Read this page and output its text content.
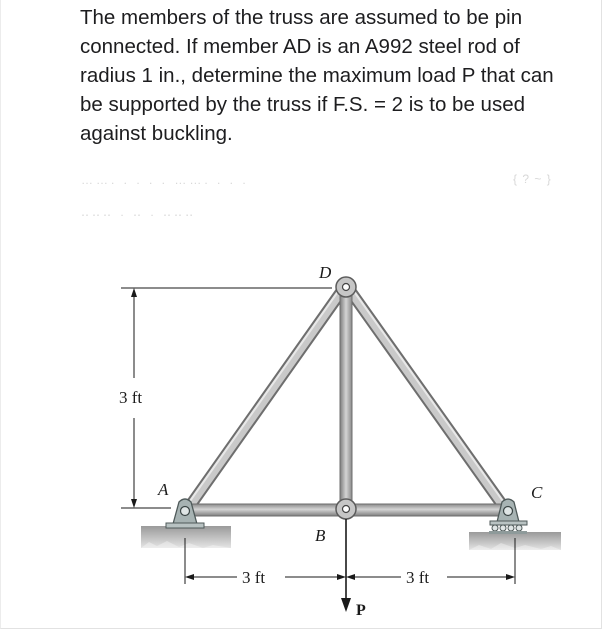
The members of the truss are assumed to be pin connected. If member AD is an A992 steel rod of radius 1 in., determine the maximum load P that can be supported by the truss if F.S. = 2 is to be used against buckling.

……. . . . . ……. . . .
‥‥‥ . ‥ . ‥‥‥
{ ? ~ }
D
A
B
C
3 ft
3 ft	3 ft
P
